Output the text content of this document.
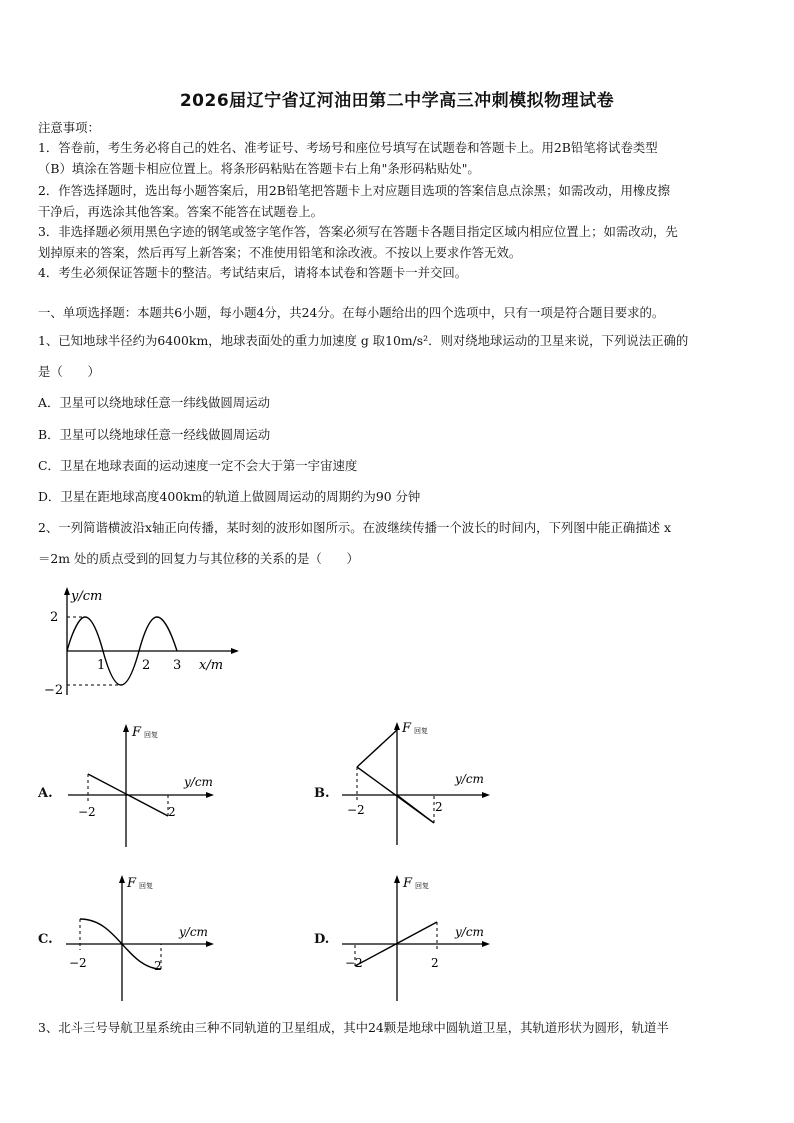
2026届辽宁省辽河油田第二中学高三冲刺模拟物理试卷
注意事项：
1．答卷前，考生务必将自己的姓名、准考证号、考场号和座位号填写在试题卷和答题卡上。用2B铅笔将试卷类型
（B）填涂在答题卡相应位置上。将条形码粘贴在答题卡右上角"条形码粘贴处"。
2．作答选择题时，选出每小题答案后，用2B铅笔把答题卡上对应题目选项的答案信息点涂黑；如需改动，用橡皮擦
干净后，再选涂其他答案。答案不能答在试题卷上。
3．非选择题必须用黑色字迹的钢笔或签字笔作答，答案必须写在答题卡各题目指定区域内相应位置上；如需改动，先
划掉原来的答案，然后再写上新答案；不准使用铅笔和涂改液。不按以上要求作答无效。
4．考生必须保证答题卡的整洁。考试结束后，请将本试卷和答题卡一并交回。
一、单项选择题：本题共6小题，每小题4分，共24分。在每小题给出的四个选项中，只有一项是符合题目要求的。
1、已知地球半径约为6400km，地球表面处的重力加速度 g 取10m/s²．则对绕地球运动的卫星来说，下列说法正确的
是（　　）
A．卫星可以绕地球任意一纬线做圆周运动
B．卫星可以绕地球任意一经线做圆周运动
C．卫星在地球表面的运动速度一定不会大于第一宇宙速度
D．卫星在距地球高度400km的轨道上做圆周运动的周期约为90 分钟
2、一列简谐横波沿x轴正向传播，某时刻的波形如图所示。在波继续传播一个波长的时间内，下列图中能正确描述 x
＝2m 处的质点受到的回复力与其位移的关系的是（　　）
y/cm
2
−2
1	2 3 x/m
A.
F 回复
y/cm
−2	2
B.
F 回复
y/cm
−2	2
C.
F 回复
y/cm
−2	2
D.
F 回复
y/cm
−2	2
3、北斗三号导航卫星系统由三种不同轨道的卫星组成，其中24颗是地球中圆轨道卫星，其轨道形状为圆形，轨道半
